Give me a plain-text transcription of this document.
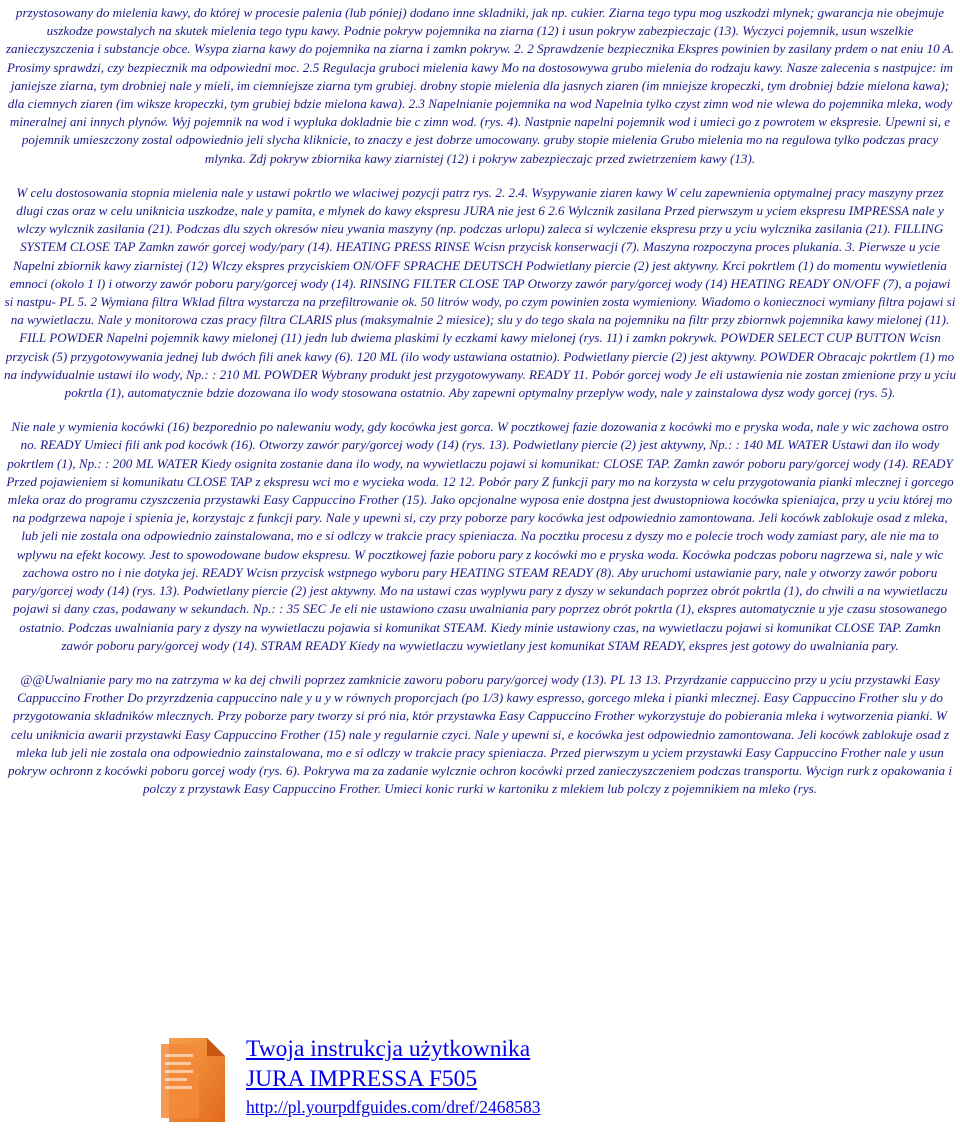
przystosowany do mielenia kawy, do której w procesie palenia (lub póniej) dodano inne skladniki, jak np. cukier. Ziarna tego typu mog uszkodzi mlynek; gwarancja nie obejmuje uszkodze powstalych na skutek mielenia tego typu kawy. Podnie pokryw pojemnika na ziarna (12) i usun pokryw zabezpieczajc (13). Wyczyci pojemnik, usun wszelkie zanieczyszczenia i substancje obce. Wsypa ziarna kawy do pojemnika na ziarna i zamkn pokryw. 2. 2 Sprawdzenie bezpiecznika Ekspres powinien by zasilany prdem o nat eniu 10 A. Prosimy sprawdzi, czy bezpiecznik ma odpowiedni moc. 2.5 Regulacja gruboci mielenia kawy Mo na dostosowywa grubo mielenia do rodzaju kawy. Nasze zalecenia s nastpujce: im janiejsze ziarna, tym drobniej nale y mieli, im ciemniejsze ziarna tym grubiej. drobny stopie mielenia dla jasnych ziaren (im mniejsze kropeczki, tym drobniej bdzie mielona kawa); dla ciemnych ziaren (im wiksze kropeczki, tym grubiej bdzie mielona kawa). 2.3 Napelnianie pojemnika na wod Napelnia tylko czyst zimn wod nie wlewa do pojemnika mleka, wody mineralnej ani innych plynów. Wyj pojemnik na wod i wypluka dokladnie bie c zimn wod. (rys. 4). Nastpnie napelni pojemnik wod i umieci go z powrotem w ekspresie. Upewni si, e pojemnik umieszczony zostal odpowiednio jeli slycha kliknicie, to znaczy e jest dobrze umocowany. gruby stopie mielenia Grubo mielenia mo na regulowa tylko podczas pracy mlynka. Zdj pokryw zbiornika kawy ziarnistej (12) i pokryw zabezpieczajc przed zwietrzeniem kawy (13).

W celu dostosowania stopnia mielenia nale y ustawi pokrtlo we wlaciwej pozycji patrz rys. 2. 2.4. Wsypywanie ziaren kawy W celu zapewnienia optymalnej pracy maszyny przez dlugi czas oraz w celu uniknicia uszkodze, nale y pamita, e mlynek do kawy ekspresu JURA nie jest 6 2.6 Wylcznik zasilana Przed pierwszym u yciem ekspresu IMPRESSA nale y wlczy wylcznik zasilania (21). Podczas dlu szych okresów nieu ywania maszyny (np. podczas urlopu) zaleca si wylczenie ekspresu przy u yciu wylcznika zasilania (21). FILLING SYSTEM CLOSE TAP Zamkn zawór gorcej wody/pary (14). HEATING PRESS RINSE Wcisn przycisk konserwacji (7). Maszyna rozpoczyna proces plukania. 3. Pierwsze u ycie Napelni zbiornik kawy ziarnistej (12) Wlczy ekspres przyciskiem ON/OFF SPRACHE DEUTSCH Podwietlany piercie (2) jest aktywny. Krci pokrtlem (1) do momentu wywietlenia emnoci (okolo 1 l) i otworzy zawór poboru pary/gorcej wody (14). RINSING FILTER CLOSE TAP Otworzy zawór pary/gorcej wody (14) HEATING READY ON/OFF (7), a pojawi si nastpu- PL 5. 2 Wymiana filtra Wklad filtra wystarcza na przefiltrowanie ok. 50 litrów wody, po czym powinien zosta wymieniony. Wiadomo o koniecznoci wymiany filtra pojawi si na wywietlaczu. Nale y monitorowa czas pracy filtra CLARIS plus (maksymalnie 2 miesice); slu y do tego skala na pojemniku na filtr przy zbiornwk pojemnika kawy mielonej (11). FILL POWDER Napelni pojemnik kawy mielonej (11) jedn lub dwiema plaskimi ly eczkami kawy mielonej (rys. 11) i zamkn pokrywk. POWDER SELECT CUP BUTTON Wcisn przycisk (5) przygotowywania jednej lub dwóch fili anek kawy (6). 120 ML (ilo wody ustawiana ostatnio). Podwietlany piercie (2) jest aktywny. POWDER Obracajc pokrtlem (1) mo na indywidualnie ustawi ilo wody, Np.: : 210 ML POWDER Wybrany produkt jest przygotowywany. READY 11. Pobór gorcej wody Je eli ustawienia nie zostan zmienione przy u yciu pokrtla (1), automatycznie bdzie dozowana ilo wody stosowana ostatnio. Aby zapewni optymalny przeplyw wody, nale y zainstalowa dysz wody gorcej (rys. 5).

Nie nale y wymienia kocówki (16) bezporednio po nalewaniu wody, gdy kocówka jest gorca. W pocztkowej fazie dozowania z kocówki mo e pryska woda, nale y wic zachowa ostro no. READY Umieci fili ank pod kocówk (16). Otworzy zawór pary/gorcej wody (14) (rys. 13). Podwietlany piercie (2) jest aktywny, Np.: : 140 ML WATER Ustawi dan ilo wody pokrtlem (1), Np.: : 200 ML WATER Kiedy osignita zostanie dana ilo wody, na wywietlaczu pojawi si komunikat: CLOSE TAP. Zamkn zawór poboru pary/gorcej wody (14). READY Przed pojawieniem si komunikatu CLOSE TAP z ekspresu wci mo e wycieka woda. 12 12. Pobór pary Z funkcji pary mo na korzysta w celu przygotowania pianki mlecznej i gorcego mleka oraz do programu czyszczenia przystawki Easy Cappuccino Frother (15). Jako opcjonalne wyposa enie dostpna jest dwustopniowa kocówka spieniajca, przy u yciu której mo na podgrzewa napoje i spienia je, korzystajc z funkcji pary. Nale y upewni si, czy przy poborze pary kocówka jest odpowiednio zamontowana. Jeli kocówk zablokuje osad z mleka, lub jeli nie zostala ona odpowiednio zainstalowana, mo e si odlczy w trakcie pracy spieniacza. Na pocztku procesu z dyszy mo e polecie troch wody zamiast pary, ale nie ma to wplywu na efekt kocowy. Jest to spowodowane budow ekspresu. W pocztkowej fazie poboru pary z kocówki mo e pryska woda. Kocówka podczas poboru nagrzewa si, nale y wic zachowa ostro no i nie dotyka jej. READY Wcisn przycisk wstpnego wyboru pary HEATING STEAM READY (8). Aby uruchomi ustawianie pary, nale y otworzy zawór poboru pary/gorcej wody (14) (rys. 13). Podwietlany piercie (2) jest aktywny. Mo na ustawi czas wyplywu pary z dyszy w sekundach poprzez obrót pokrtla (1), do chwili a na wywietlaczu pojawi si dany czas, podawany w sekundach. Np.: : 35 SEC Je eli nie ustawiono czasu uwalniania pary poprzez obrót pokrtla (1), ekspres automatycznie u yje czasu stosowanego ostatnio. Podczas uwalniania pary z dyszy na wywietlaczu pojawia si komunikat STEAM. Kiedy minie ustawiony czas, na wywietlaczu pojawi si komunikat CLOSE TAP. Zamkn zawór poboru pary/gorcej wody (14). STRAM READY Kiedy na wywietlaczu wywietlany jest komunikat STAM READY, ekspres jest gotowy do uwalniania pary.

@@Uwalnianie pary mo na zatrzyma w ka dej chwili poprzez zamknicie zaworu poboru pary/gorcej wody (13). PL 13 13. Przyrdzanie cappuccino przy u yciu przystawki Easy Cappuccino Frother Do przyrzdzenia cappuccino nale y u y w równych proporcjach (po 1/3) kawy espresso, gorcego mleka i pianki mlecznej. Easy Cappuccino Frother slu y do przygotowania skladników mlecznych. Przy poborze pary tworzy si pró nia, któr przystawka Easy Cappuccino Frother wykorzystuje do pobierania mleka i wytworzenia pianki. W celu uniknicia awarii przystawki Easy Cappuccino Frother (15) nale y regularnie czyci. Nale y upewni si, e kocówka jest odpowiednio zamontowana. Jeli kocówk zablokuje osad z mleka lub jeli nie zostala ona odpowiednio zainstalowana, mo e si odlczy w trakcie pracy spieniacza. Przed pierwszym u yciem przystawki Easy Cappuccino Frother nale y usun pokryw ochronn z kocówki poboru gorcej wody (rys. 6). Pokrywa ma za zadanie wylcznie ochron kocówki przed zanieczyszczeniem podczas transportu. Wycign rurk z opakowania i polczy z przystawk Easy Cappuccino Frother. Umieci konic rurki w kartoniku z mlekiem lub polczy z pojemnikiem na mleko (rys.

Twoja instrukcja użytkownika
JURA IMPRESSA F505
http://pl.yourpdfguides.com/dref/2468583
